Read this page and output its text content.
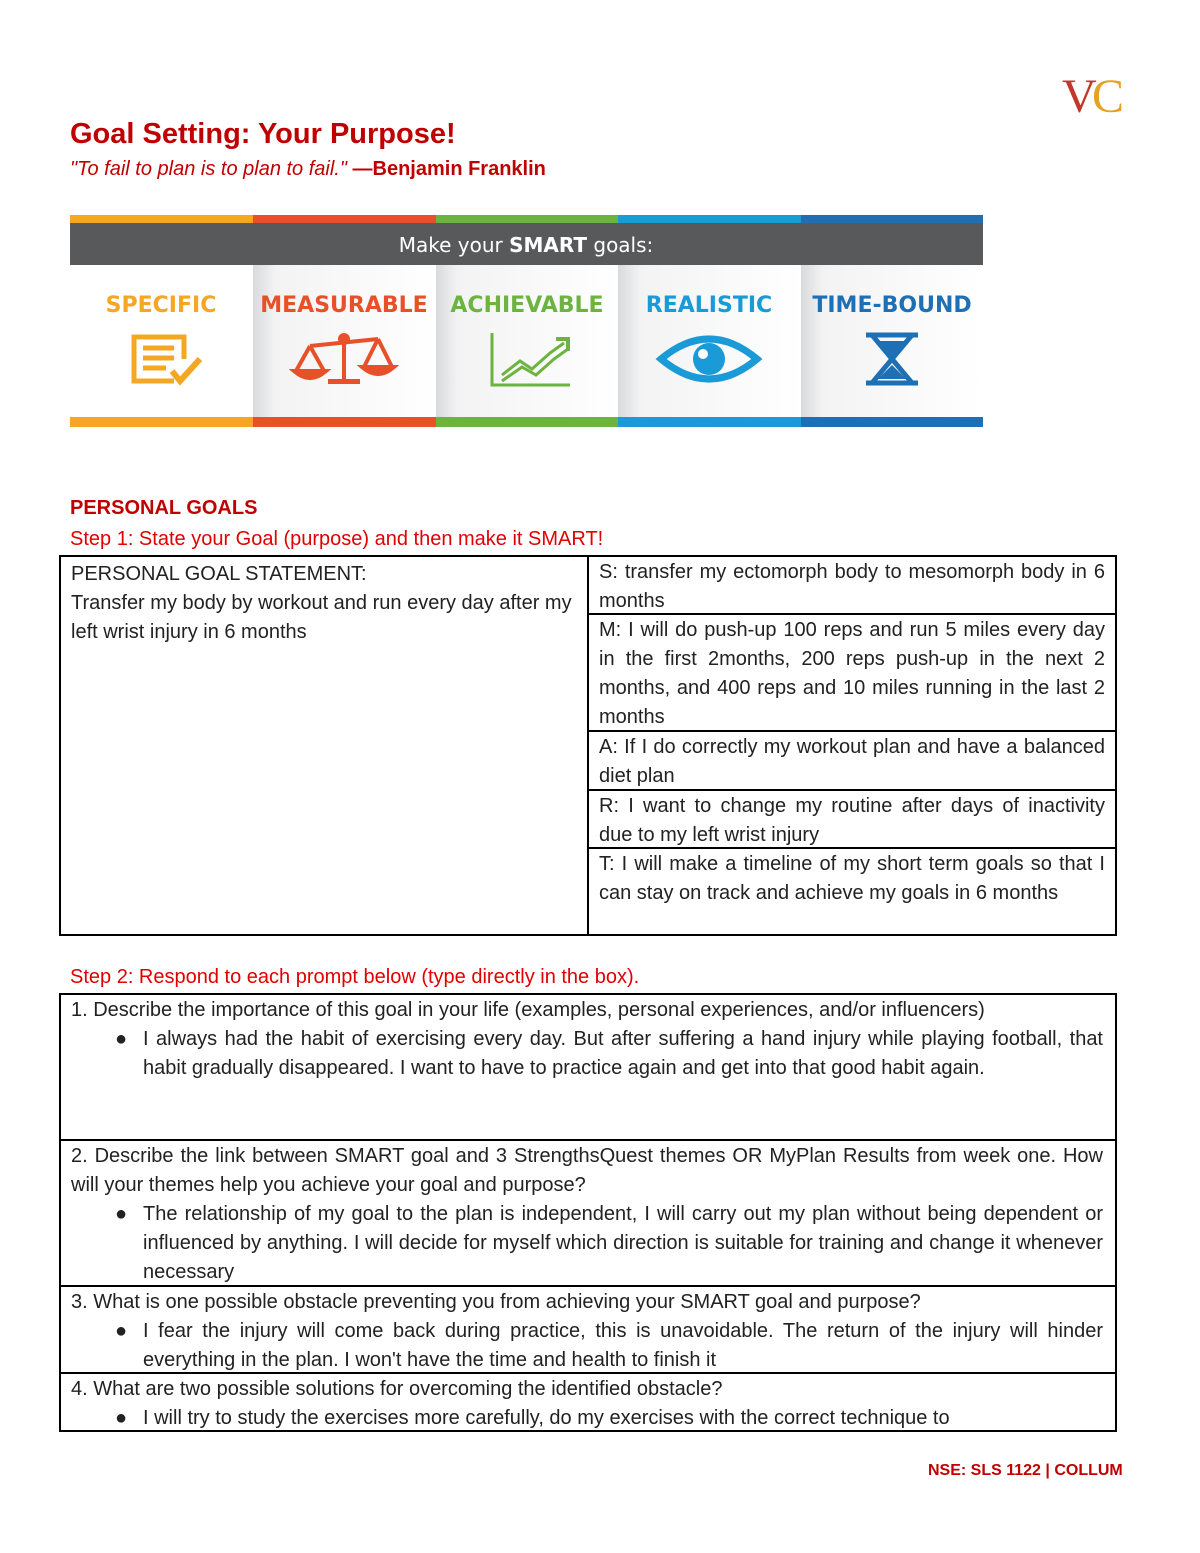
V
C
Goal Setting: Your Purpose!
"To fail to plan is to plan to fail." —Benjamin Franklin
Make your SMART goals:
SPECIFIC MEASURABLE ACHIEVABLE REALISTIC TIME-BOUND
PERSONAL GOALS
Step 1: State your Goal (purpose) and then make it SMART!
PERSONAL GOAL STATEMENT:
Transfer my body by workout and run every day after my left wrist injury in 6 months
S: transfer my ectomorph body to mesomorph body in 6 months
M: I will do push-up 100 reps and run 5 miles every day in the first 2months, 200 reps push-up in the next 2 months, and 400 reps and 10 miles running in the last 2 months
A: If I do correctly my workout plan and have a balanced diet plan
R: I want to change my routine after days of inactivity due to my left wrist injury
T: I will make a timeline of my short term goals so that I can stay on track and achieve my goals in 6 months
Step 2: Respond to each prompt below (type directly in the box).
1. Describe the importance of this goal in your life (examples, personal experiences, and/or influencers)
● I always had the habit of exercising every day. But after suffering a hand injury while playing football, that habit gradually disappeared. I want to have to practice again and get into that good habit again.
2. Describe the link between SMART goal and 3 StrengthsQuest themes OR MyPlan Results from week one. How will your themes help you achieve your goal and purpose?
● The relationship of my goal to the plan is independent, I will carry out my plan without being dependent or influenced by anything. I will decide for myself which direction is suitable for training and change it whenever necessary
3. What is one possible obstacle preventing you from achieving your SMART goal and purpose?
● I fear the injury will come back during practice, this is unavoidable. The return of the injury will hinder everything in the plan. I won't have the time and health to finish it
4. What are two possible solutions for overcoming the identified obstacle?
● I will try to study the exercises more carefully, do my exercises with the correct technique to
NSE: SLS 1122 | COLLUM
